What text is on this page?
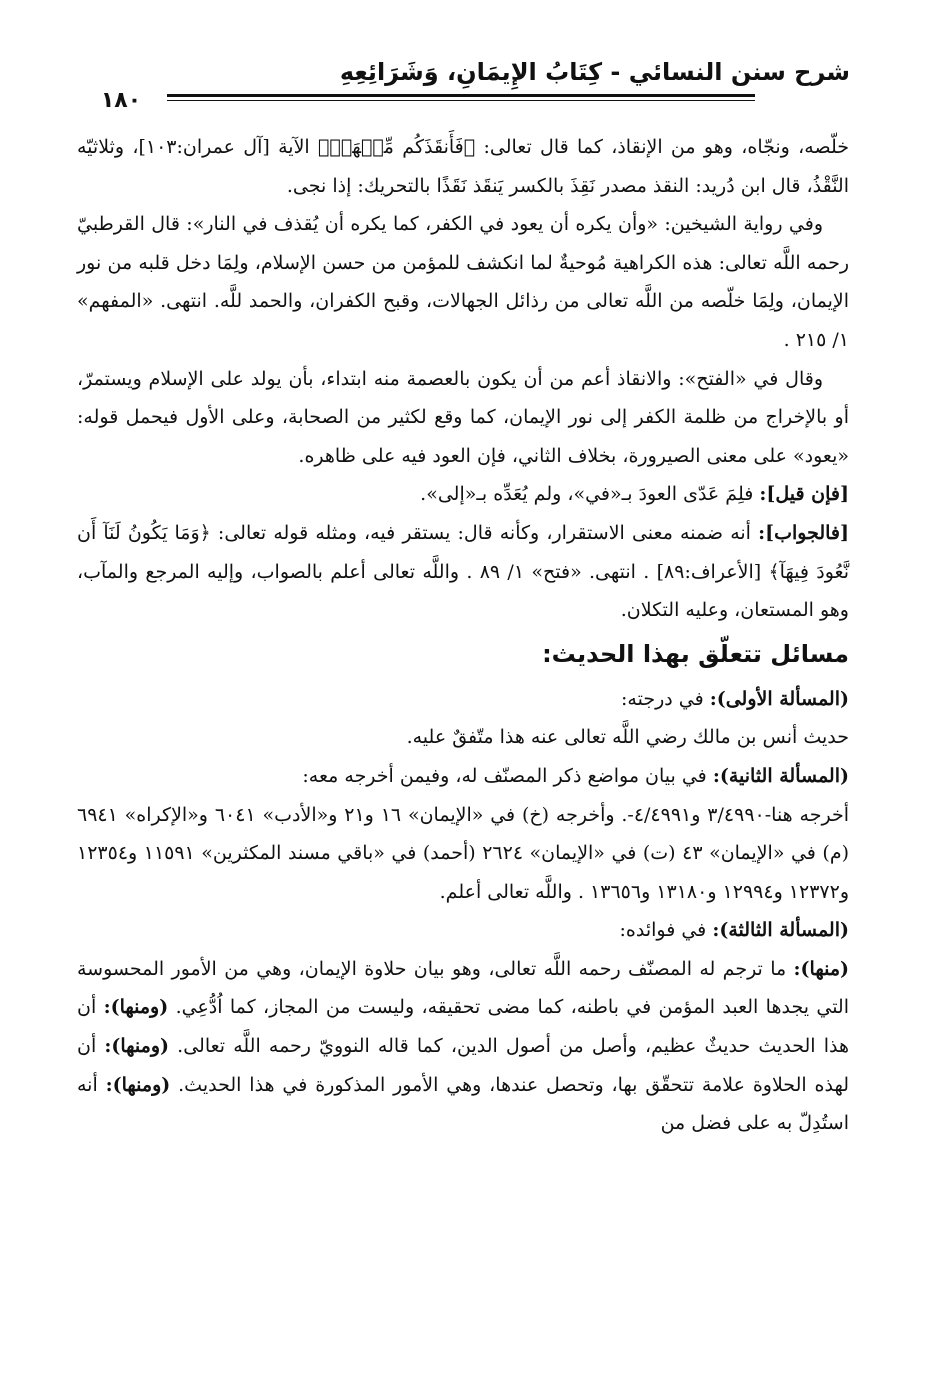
شرح سنن النسائي - كِتَابُ الإِيمَانِ، وَشَرَائِعِهِ
١٨٠

خلّصه، ونجّاه، وهو من الإنقاذ، كما قال تعالى: ﴿فَأَنقَذَكُم مِّنۡهَاۗ﴾ الآية [آل عمران:١٠٣]، وثلاثيّه النَّقْذُ، قال ابن دُريد: النقذ مصدر نَقِذَ بالكسر يَنقَذ نَقَذًا بالتحريك: إذا نجى.

وفي رواية الشيخين: «وأن يكره أن يعود في الكفر، كما يكره أن يُقذف في النار»: قال القرطبيّ رحمه اللَّه تعالى: هذه الكراهية مُوحيةٌ لما انكشف للمؤمن من حسن الإسلام، ولِمَا دخل قلبه من نور الإيمان، ولِمَا خلّصه من اللَّه تعالى من رذائل الجهالات، وقبح الكفران، والحمد للَّه. انتهى. «المفهم» ١/ ٢١٥ .

وقال في «الفتح»: والانقاذ أعم من أن يكون بالعصمة منه ابتداء، بأن يولد على الإسلام ويستمرّ، أو بالإخراج من ظلمة الكفر إلى نور الإيمان، كما وقع لكثير من الصحابة، وعلى الأول فيحمل قوله: «يعود» على معنى الصيرورة، بخلاف الثاني، فإن العود فيه على ظاهره.

[فإن قيل]: فلِمَ عَدّى العودَ بـ«في»، ولم يُعَدِّه بـ«إلى».

[فالجواب]: أنه ضمنه معنى الاستقرار، وكأنه قال: يستقر فيه، ومثله قوله تعالى: ﴿وَمَا يَكُونُ لَنَآ أَن نَّعُودَ فِيهَآ﴾ [الأعراف:٨٩] . انتهى. «فتح» ١/ ٨٩ . واللَّه تعالى أعلم بالصواب، وإليه المرجع والمآب، وهو المستعان، وعليه التكلان.

مسائل تتعلّق بهذا الحديث:

(المسألة الأولى): في درجته:

حديث أنس بن مالك رضي اللَّه تعالى عنه هذا متّفقٌ عليه.

(المسألة الثانية): في بيان مواضع ذكر المصنّف له، وفيمن أخرجه معه:

أخرجه هنا-٣/٤٩٩٠ و٤/٤٩٩١-. وأخرجه (خ) في «الإيمان» ١٦ و٢١ و«الأدب» ٦٠٤١ و«الإكراه» ٦٩٤١ (م) في «الإيمان» ٤٣ (ت) في «الإيمان» ٢٦٢٤ (أحمد) في «باقي مسند المكثرين» ١١٥٩١ و١٢٣٥٤ و١٢٣٧٢ و١٢٩٩٤ و١٣١٨٠ و١٣٦٥٦ . واللَّه تعالى أعلم.

(المسألة الثالثة): في فوائده:

(منها): ما ترجم له المصنّف رحمه اللَّه تعالى، وهو بيان حلاوة الإيمان، وهي من الأمور المحسوسة التي يجدها العبد المؤمن في باطنه، كما مضى تحقيقه، وليست من المجاز، كما اُدُّعِي. (ومنها): أن هذا الحديث حديثٌ عظيم، وأصل من أصول الدين، كما قاله النوويّ رحمه اللَّه تعالى. (ومنها): أن لهذه الحلاوة علامة تتحقّق بها، وتحصل عندها، وهي الأمور المذكورة في هذا الحديث. (ومنها): أنه استُدِلّ به على فضل من
